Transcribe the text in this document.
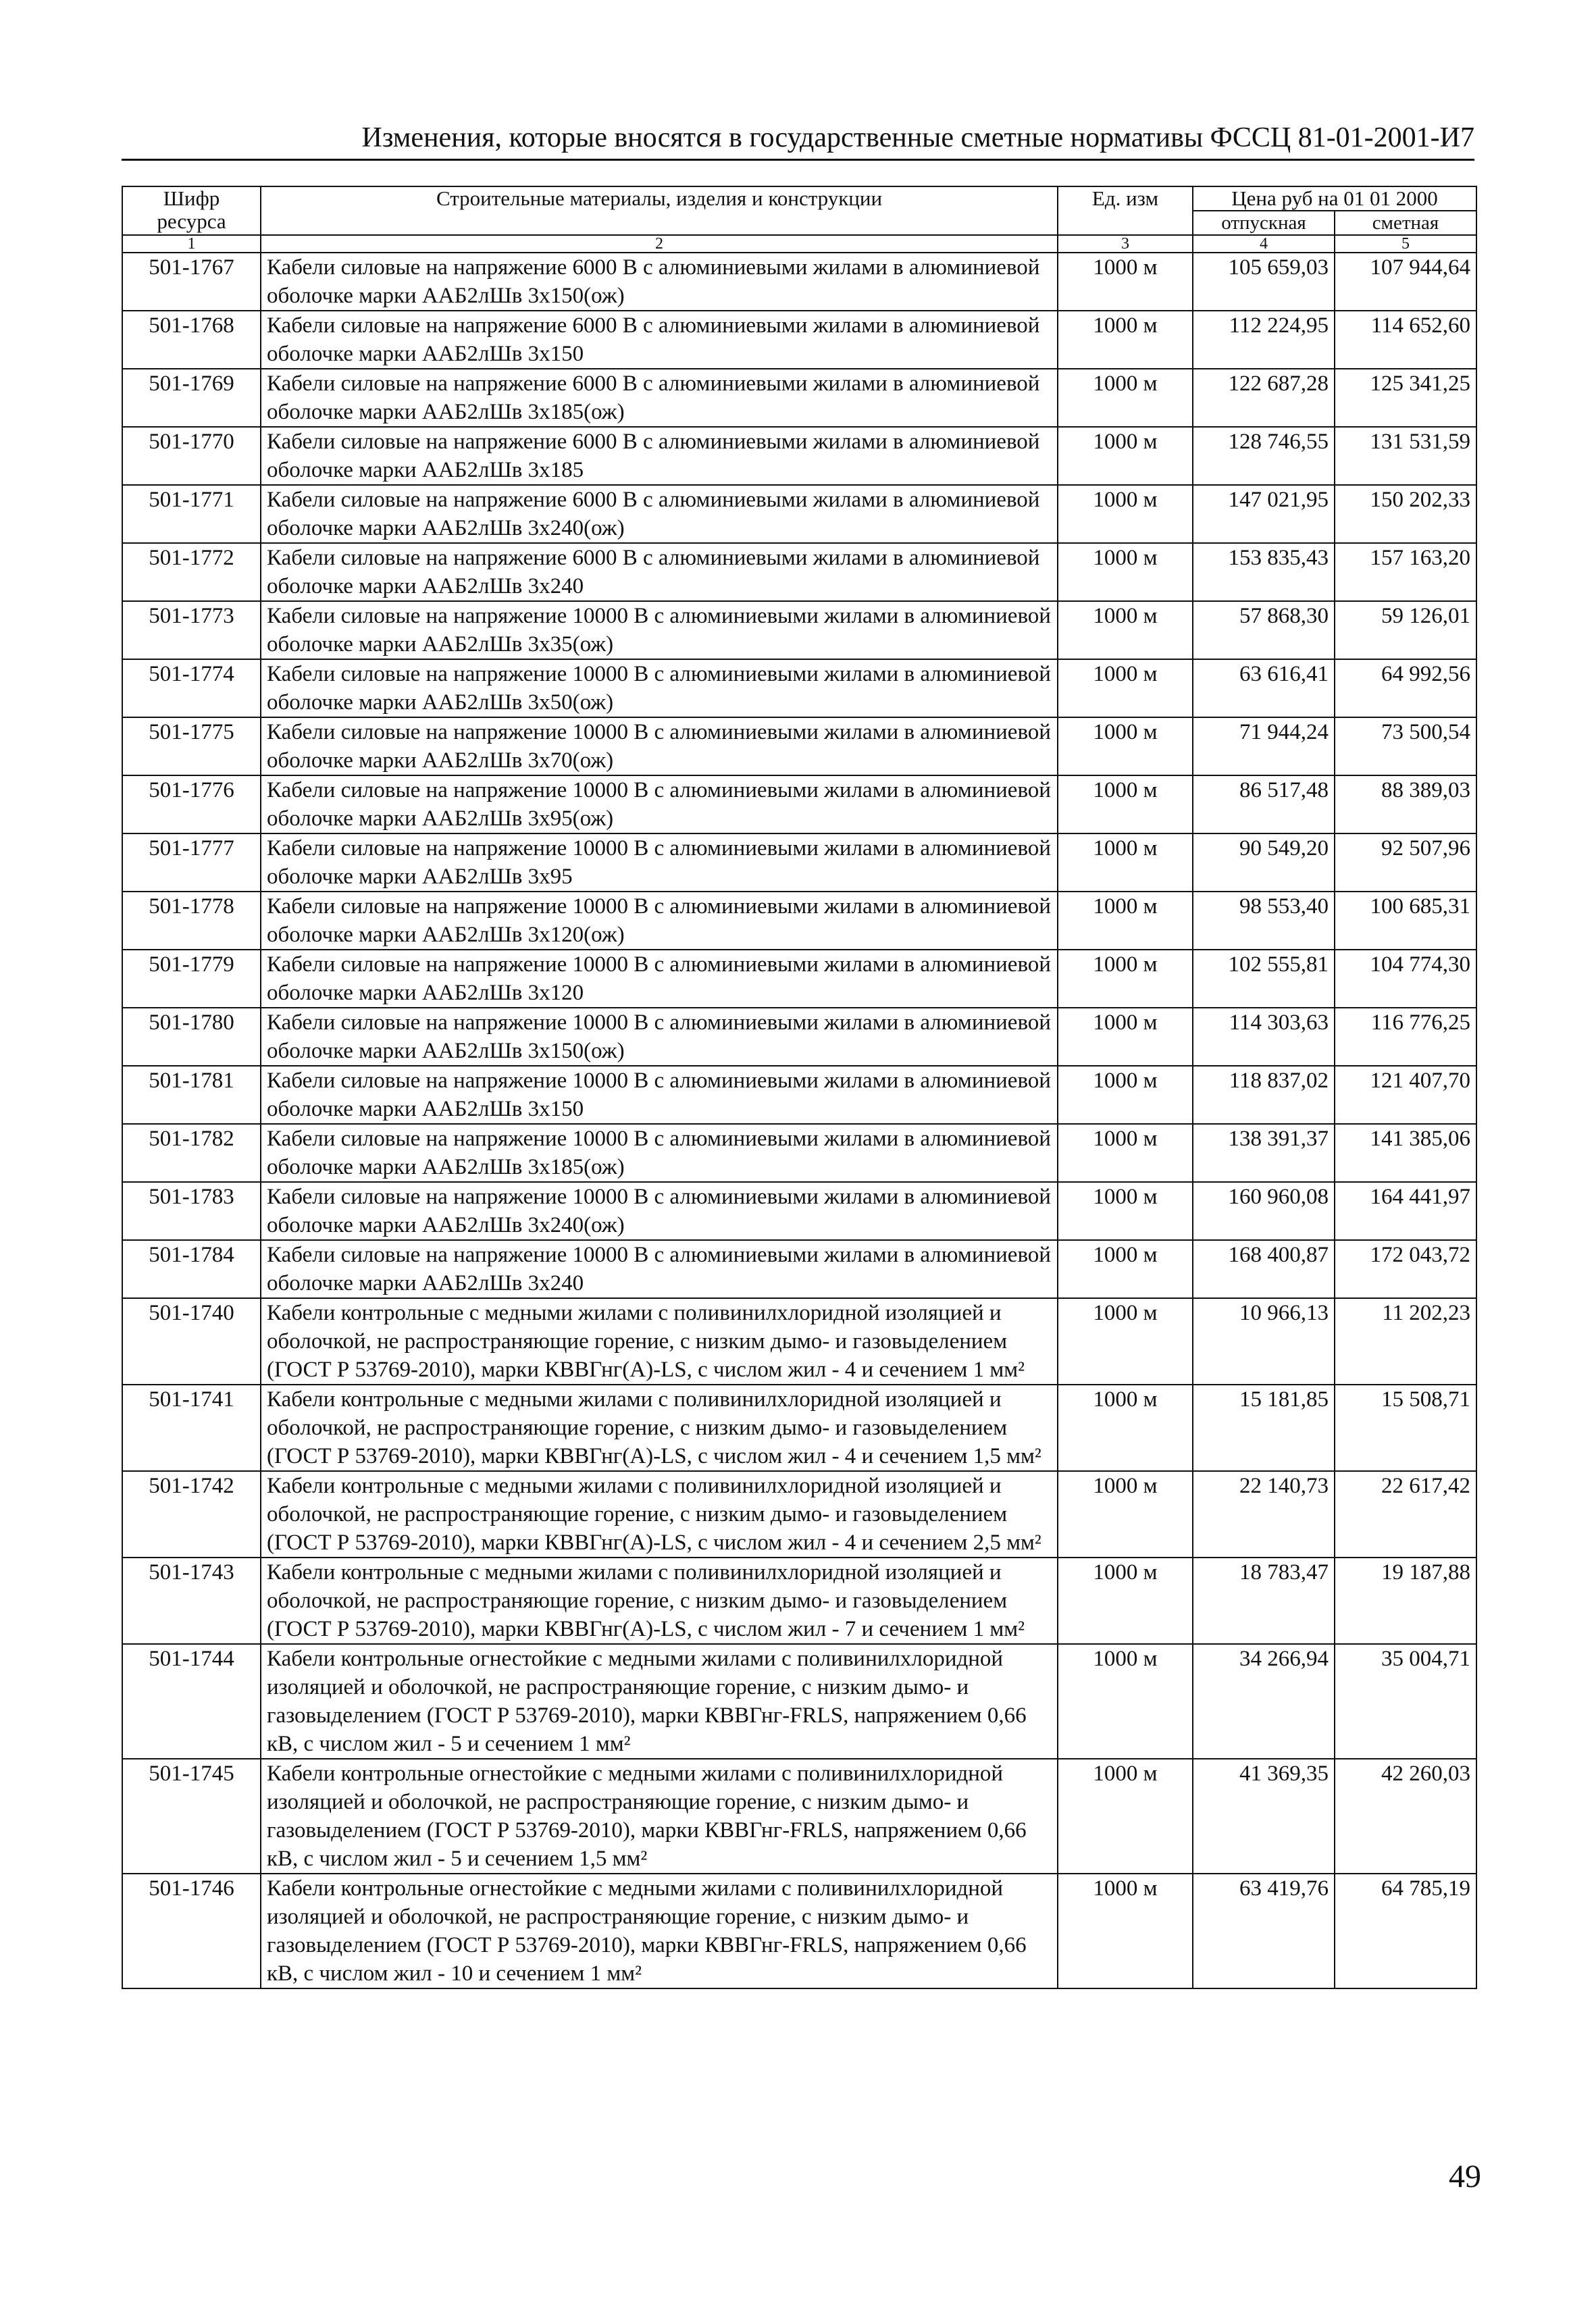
Изменения, которые вносятся в государственные сметные нормативы ФССЦ 81-01-2001-И7
Шифр ресурса	Строительные материалы, изделия и конструкции	Ед. изм	Цена руб на 01 01 2000	
			отпускная	сметная
1	2	3	4	5
501-1767	Кабели силовые на напряжение 6000 В с алюминиевыми жилами в алюминиевой оболочке марки ААБ2лШв 3х150(ож)	1000 м	105 659,03	107 944,64
501-1768	Кабели силовые на напряжение 6000 В с алюминиевыми жилами в алюминиевой оболочке марки ААБ2лШв 3х150	1000 м	112 224,95	114 652,60
501-1769	Кабели силовые на напряжение 6000 В с алюминиевыми жилами в алюминиевой оболочке марки ААБ2лШв 3х185(ож)	1000 м	122 687,28	125 341,25
501-1770	Кабели силовые на напряжение 6000 В с алюминиевыми жилами в алюминиевой оболочке марки ААБ2лШв 3х185	1000 м	128 746,55	131 531,59
501-1771	Кабели силовые на напряжение 6000 В с алюминиевыми жилами в алюминиевой оболочке марки ААБ2лШв 3х240(ож)	1000 м	147 021,95	150 202,33
501-1772	Кабели силовые на напряжение 6000 В с алюминиевыми жилами в алюминиевой оболочке марки ААБ2лШв 3х240	1000 м	153 835,43	157 163,20
501-1773	Кабели силовые на напряжение 10000 В с алюминиевыми жилами в алюминиевой оболочке марки ААБ2лШв 3х35(ож)	1000 м	57 868,30	59 126,01
501-1774	Кабели силовые на напряжение 10000 В с алюминиевыми жилами в алюминиевой оболочке марки ААБ2лШв 3х50(ож)	1000 м	63 616,41	64 992,56
501-1775	Кабели силовые на напряжение 10000 В с алюминиевыми жилами в алюминиевой оболочке марки ААБ2лШв 3х70(ож)	1000 м	71 944,24	73 500,54
501-1776	Кабели силовые на напряжение 10000 В с алюминиевыми жилами в алюминиевой оболочке марки ААБ2лШв 3х95(ож)	1000 м	86 517,48	88 389,03
501-1777	Кабели силовые на напряжение 10000 В с алюминиевыми жилами в алюминиевой оболочке марки ААБ2лШв 3х95	1000 м	90 549,20	92 507,96
501-1778	Кабели силовые на напряжение 10000 В с алюминиевыми жилами в алюминиевой оболочке марки ААБ2лШв 3х120(ож)	1000 м	98 553,40	100 685,31
501-1779	Кабели силовые на напряжение 10000 В с алюминиевыми жилами в алюминиевой оболочке марки ААБ2лШв 3х120	1000 м	102 555,81	104 774,30
501-1780	Кабели силовые на напряжение 10000 В с алюминиевыми жилами в алюминиевой оболочке марки ААБ2лШв 3х150(ож)	1000 м	114 303,63	116 776,25
501-1781	Кабели силовые на напряжение 10000 В с алюминиевыми жилами в алюминиевой оболочке марки ААБ2лШв 3х150	1000 м	118 837,02	121 407,70
501-1782	Кабели силовые на напряжение 10000 В с алюминиевыми жилами в алюминиевой оболочке марки ААБ2лШв 3х185(ож)	1000 м	138 391,37	141 385,06
501-1783	Кабели силовые на напряжение 10000 В с алюминиевыми жилами в алюминиевой оболочке марки ААБ2лШв 3х240(ож)	1000 м	160 960,08	164 441,97
501-1784	Кабели силовые на напряжение 10000 В с алюминиевыми жилами в алюминиевой оболочке марки ААБ2лШв 3х240	1000 м	168 400,87	172 043,72
501-1740	Кабели контрольные с медными жилами с поливинилхлоридной изоляцией и оболочкой, не распространяющие горение, с низким дымо- и газовыделением (ГОСТ Р 53769-2010), марки КВВГнг(А)-LS, с числом жил - 4 и сечением 1 мм²	1000 м	10 966,13	11 202,23
501-1741	Кабели контрольные с медными жилами с поливинилхлоридной изоляцией и оболочкой, не распространяющие горение, с низким дымо- и газовыделением (ГОСТ Р 53769-2010), марки КВВГнг(А)-LS, с числом жил - 4 и сечением 1,5 мм²	1000 м	15 181,85	15 508,71
501-1742	Кабели контрольные с медными жилами с поливинилхлоридной изоляцией и оболочкой, не распространяющие горение, с низким дымо- и газовыделением (ГОСТ Р 53769-2010), марки КВВГнг(А)-LS, с числом жил - 4 и сечением 2,5 мм²	1000 м	22 140,73	22 617,42
501-1743	Кабели контрольные с медными жилами с поливинилхлоридной изоляцией и оболочкой, не распространяющие горение, с низким дымо- и газовыделением (ГОСТ Р 53769-2010), марки КВВГнг(А)-LS, с числом жил - 7 и сечением 1 мм²	1000 м	18 783,47	19 187,88
501-1744	Кабели контрольные огнестойкие с медными жилами с поливинилхлоридной изоляцией и оболочкой, не распространяющие горение, с низким дымо- и газовыделением (ГОСТ Р 53769-2010), марки КВВГнг-FRLS, напряжением 0,66 кВ, с числом жил - 5 и сечением 1 мм²	1000 м	34 266,94	35 004,71
501-1745	Кабели контрольные огнестойкие с медными жилами с поливинилхлоридной изоляцией и оболочкой, не распространяющие горение, с низким дымо- и газовыделением (ГОСТ Р 53769-2010), марки КВВГнг-FRLS, напряжением 0,66 кВ, с числом жил - 5 и сечением 1,5 мм²	1000 м	41 369,35	42 260,03
501-1746	Кабели контрольные огнестойкие с медными жилами с поливинилхлоридной изоляцией и оболочкой, не распространяющие горение, с низким дымо- и газовыделением (ГОСТ Р 53769-2010), марки КВВГнг-FRLS, напряжением 0,66 кВ, с числом жил - 10 и сечением 1 мм²	1000 м	63 419,76	64 785,19
49
